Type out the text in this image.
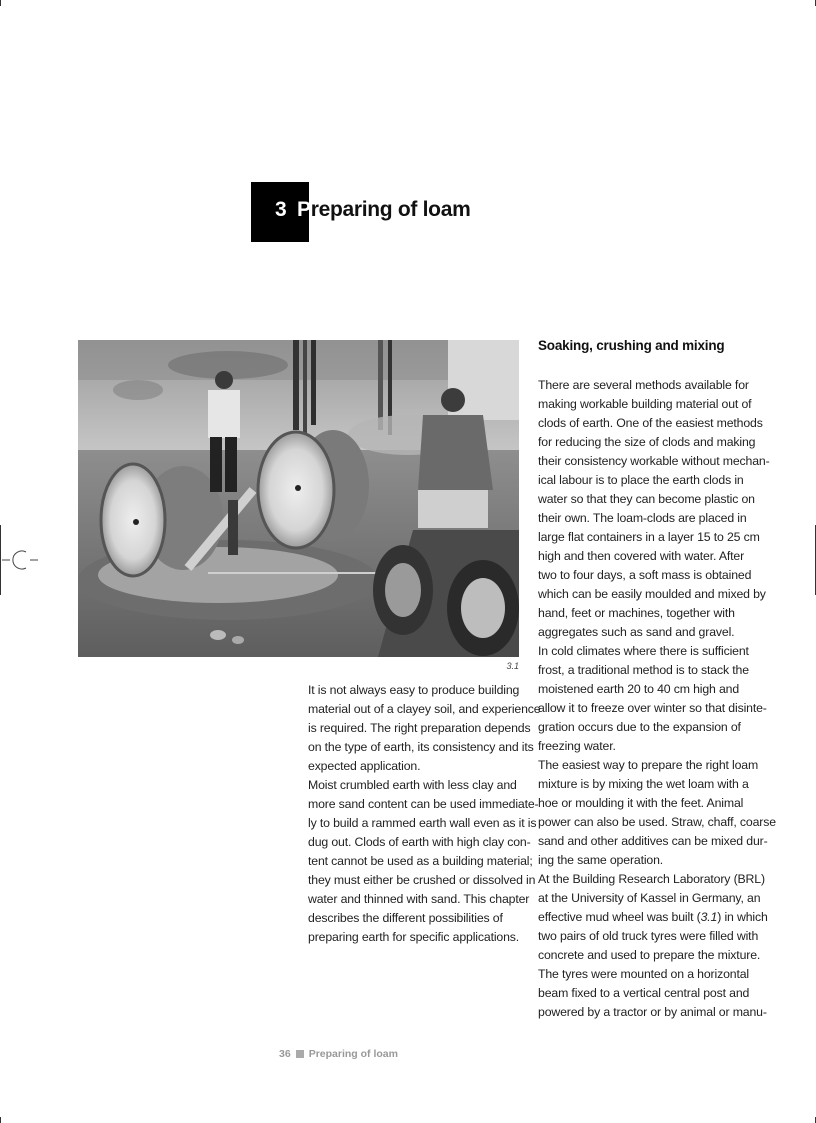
3 Preparing of loam
3.1

It is not always easy to produce building

material out of a clayey soil, and experience

is required. The right preparation depends

on the type of earth, its consistency and its

expected application.

Moist crumbled earth with less clay and

more sand content can be used immediate-

ly to build a rammed earth wall even as it is

dug out. Clods of earth with high clay con-

tent cannot be used as a building material;

they must either be crushed or dissolved in

water and thinned with sand. This chapter

describes the different possibilities of

preparing earth for specific applications.

Soaking, crushing and mixing

There are several methods available for

making workable building material out of

clods of earth. One of the easiest methods

for reducing the size of clods and making

their consistency workable without mechan-

ical labour is to place the earth clods in

water so that they can become plastic on

their own. The loam-clods are placed in

large flat containers in a layer 15 to 25 cm

high and then covered with water. After

two to four days, a soft mass is obtained

which can be easily moulded and mixed by

hand, feet or machines, together with

aggregates such as sand and gravel.

In cold climates where there is sufficient

frost, a traditional method is to stack the

moistened earth 20 to 40 cm high and

allow it to freeze over winter so that disinte-

gration occurs due to the expansion of

freezing water.

The easiest way to prepare the right loam

mixture is by mixing the wet loam with a

hoe or moulding it with the feet. Animal

power can also be used. Straw, chaff, coarse

sand and other additives can be mixed dur-

ing the same operation.

At the Building Research Laboratory (BRL)

at the University of Kassel in Germany, an

effective mud wheel was built (3.1) in which

two pairs of old truck tyres were filled with

concrete and used to prepare the mixture.

The tyres were mounted on a horizontal

beam fixed to a vertical central post and

powered by a tractor or by animal or manu-

36 Preparing of loam
